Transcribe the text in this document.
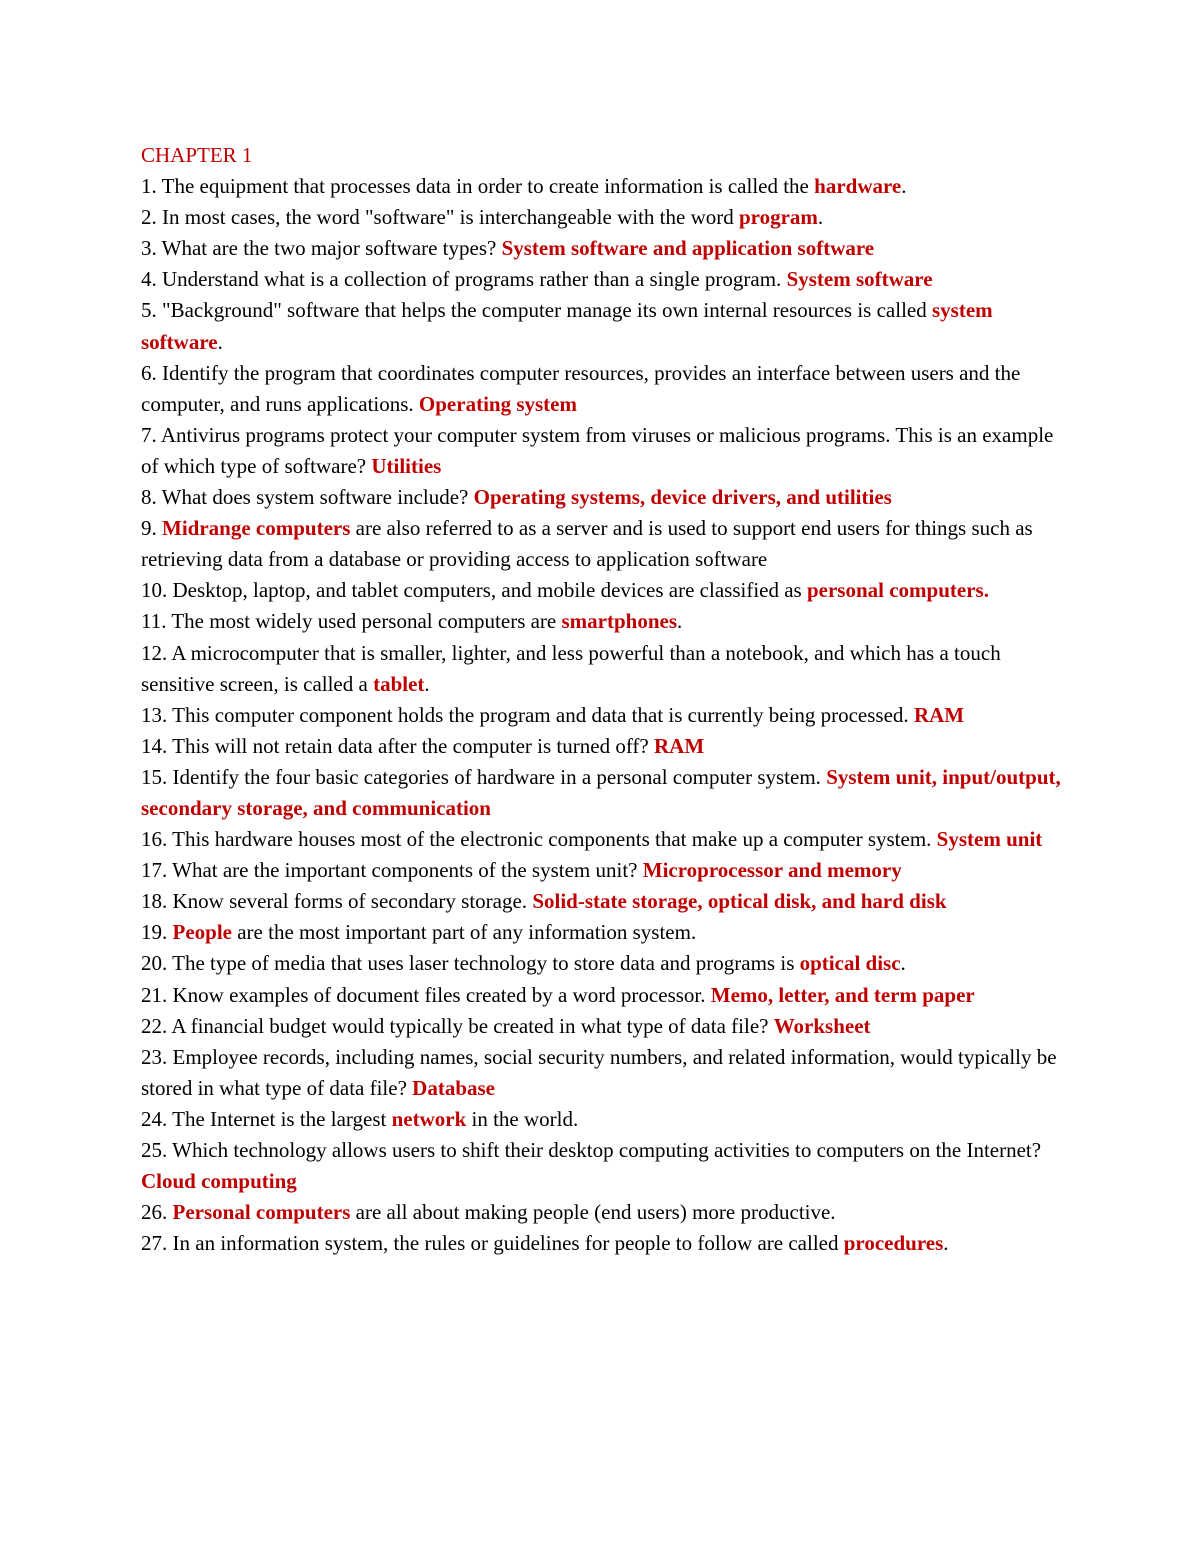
CHAPTER 1

1. The equipment that processes data in order to create information is called the hardware.

2. In most cases, the word "software" is interchangeable with the word program.

3. What are the two major software types? System software and application software

4. Understand what is a collection of programs rather than a single program. System software

5. "Background" software that helps the computer manage its own internal resources is called system software.

6. Identify the program that coordinates computer resources, provides an interface between users and the computer, and runs applications. Operating system

7. Antivirus programs protect your computer system from viruses or malicious programs. This is an example of which type of software? Utilities

8. What does system software include? Operating systems, device drivers, and utilities

9. Midrange computers are also referred to as a server and is used to support end users for things such as retrieving data from a database or providing access to application software

10. Desktop, laptop, and tablet computers, and mobile devices are classified as personal computers.

11. The most widely used personal computers are smartphones.

12. A microcomputer that is smaller, lighter, and less powerful than a notebook, and which has a touch sensitive screen, is called a tablet.

13. This computer component holds the program and data that is currently being processed. RAM

14. This will not retain data after the computer is turned off? RAM

15. Identify the four basic categories of hardware in a personal computer system. System unit, input/output, secondary storage, and communication

16. This hardware houses most of the electronic components that make up a computer system. System unit

17. What are the important components of the system unit? Microprocessor and memory

18. Know several forms of secondary storage. Solid-state storage, optical disk, and hard disk

19. People are the most important part of any information system.

20. The type of media that uses laser technology to store data and programs is optical disc.

21. Know examples of document files created by a word processor. Memo, letter, and term paper

22. A financial budget would typically be created in what type of data file? Worksheet

23. Employee records, including names, social security numbers, and related information, would typically be stored in what type of data file? Database

24. The Internet is the largest network in the world.

25. Which technology allows users to shift their desktop computing activities to computers on the Internet? Cloud computing

26. Personal computers are all about making people (end users) more productive.

27. In an information system, the rules or guidelines for people to follow are called procedures.
